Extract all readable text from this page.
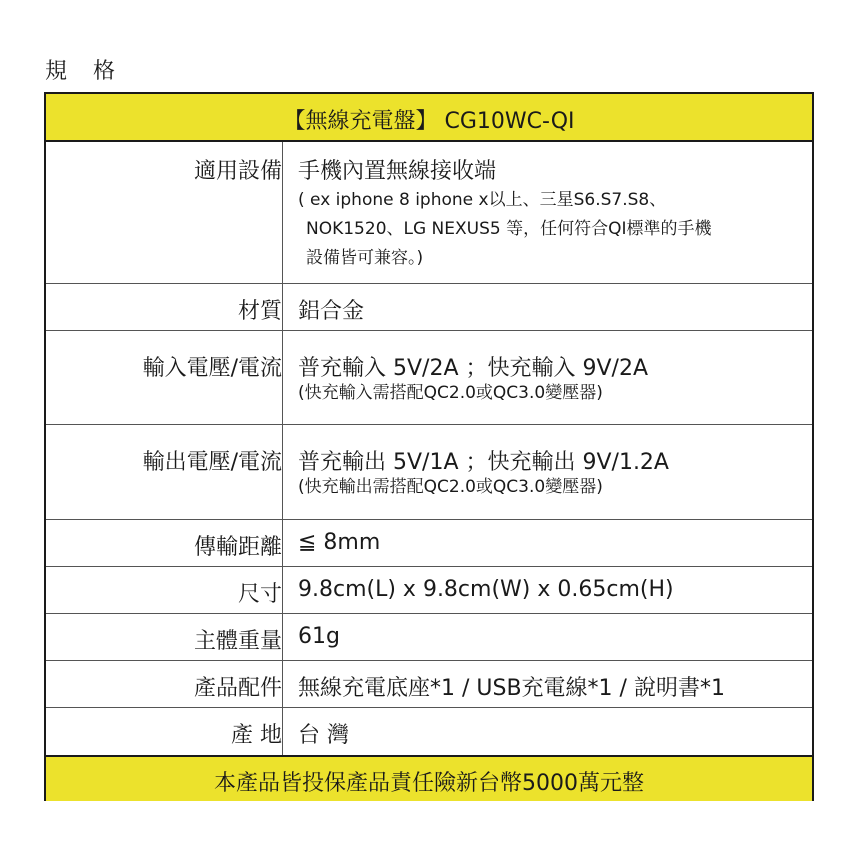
規　格
【無線充電盤】 CG10WC-QI
適用設備 手機內置無線接收端
( ex iphone 8 iphone x以上、三星S6.S7.S8、
NOK1520、LG NEXUS5 等，任何符合QI標準的手機
設備皆可兼容。)
材質 鋁合金
輸入電壓/電流 普充輸入 5V/2A ；快充輸入 9V/2A
(快充輸入需搭配QC2.0或QC3.0變壓器)
輸出電壓/電流 普充輸出 5V/1A ；快充輸出 9V/1.2A
(快充輸出需搭配QC2.0或QC3.0變壓器)
傳輸距離 ≦ 8mm
尺寸 9.8cm(L) x 9.8cm(W) x 0.65cm(H)
主體重量 61g
產品配件 無線充電底座*1 / USB充電線*1 / 說明書*1
產 地 台 灣
本產品皆投保產品責任險新台幣5000萬元整
